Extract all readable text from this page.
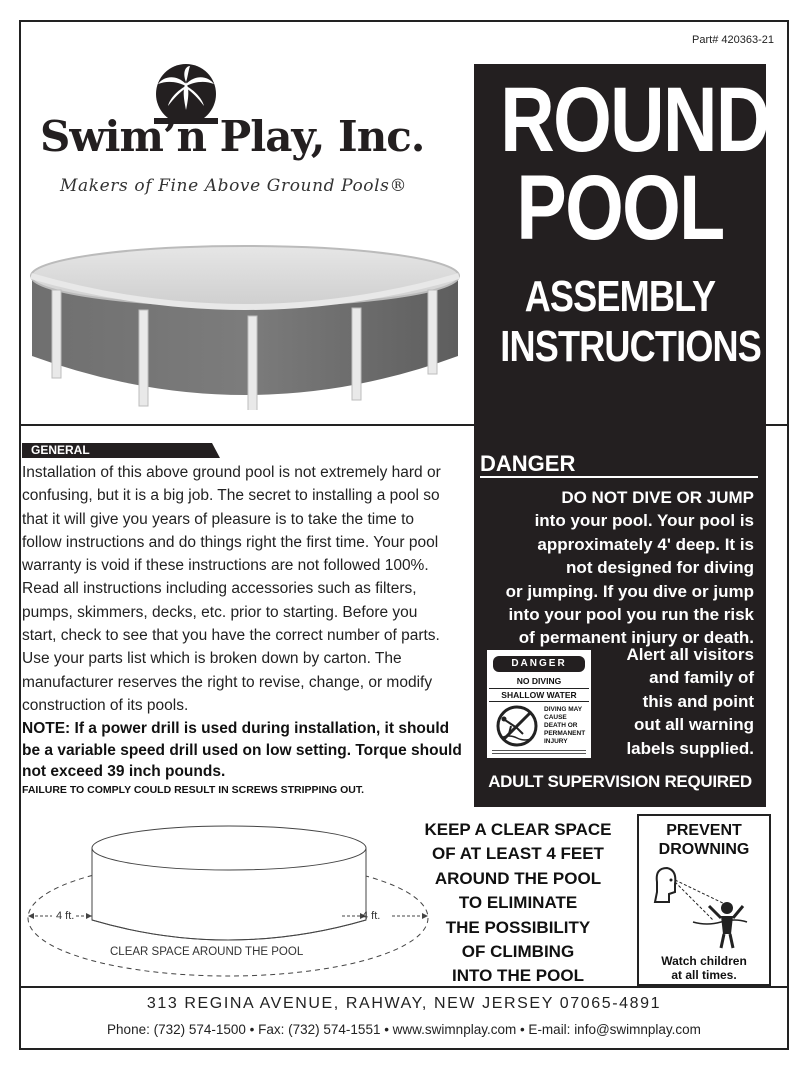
Part# 420363-21
Swim’n Play, Inc.
Makers of Fine Above Ground Pools®
ROUND
POOL
ASSEMBLY
INSTRUCTIONS
DANGER
DO NOT DIVE OR JUMP
into your pool. Your pool is
approximately 4' deep. It is
not designed for diving
or jumping. If you dive or jump
into your pool you run the risk
of permanent injury or death.
Alert all visitors
and family of
this and point
out all warning
labels supplied.
DANGER
NO DIVING
SHALLOW WATER
DIVING MAY
CAUSE
DEATH OR
PERMANENT
INJURY
ADULT SUPERVISION REQUIRED
GENERAL
Installation of this above ground pool is not extremely hard or confusing, but it is a big job. The secret to installing a pool so that it will give you years of pleasure is to take the time to follow instructions and do things right the first time. Your pool warranty is void if these instructions are not followed 100%. Read all instructions including accessories such as filters, pumps, skimmers, decks, etc. prior to starting. Before you start, check to see that you have the correct number of parts. Use your parts list which is broken down by carton. The manufacturer reserves the right to revise, change, or modify construction of its pools.
NOTE: If a power drill is used during installation, it should be a variable speed drill used on low setting. Torque should not exceed 39 inch pounds.
FAILURE TO COMPLY COULD RESULT IN SCREWS STRIPPING OUT.
4 ft.	4 ft.
CLEAR SPACE AROUND THE POOL
KEEP A CLEAR SPACE
OF AT LEAST 4 FEET
AROUND THE POOL
TO ELIMINATE
THE POSSIBILITY
OF CLIMBING
INTO THE POOL
PREVENT
DROWNING
Watch children
at all times.
313 REGINA AVENUE, RAHWAY, NEW JERSEY 07065-4891
Phone: (732) 574-1500 • Fax: (732) 574-1551 • www.swimnplay.com • E-mail: info@swimnplay.com
